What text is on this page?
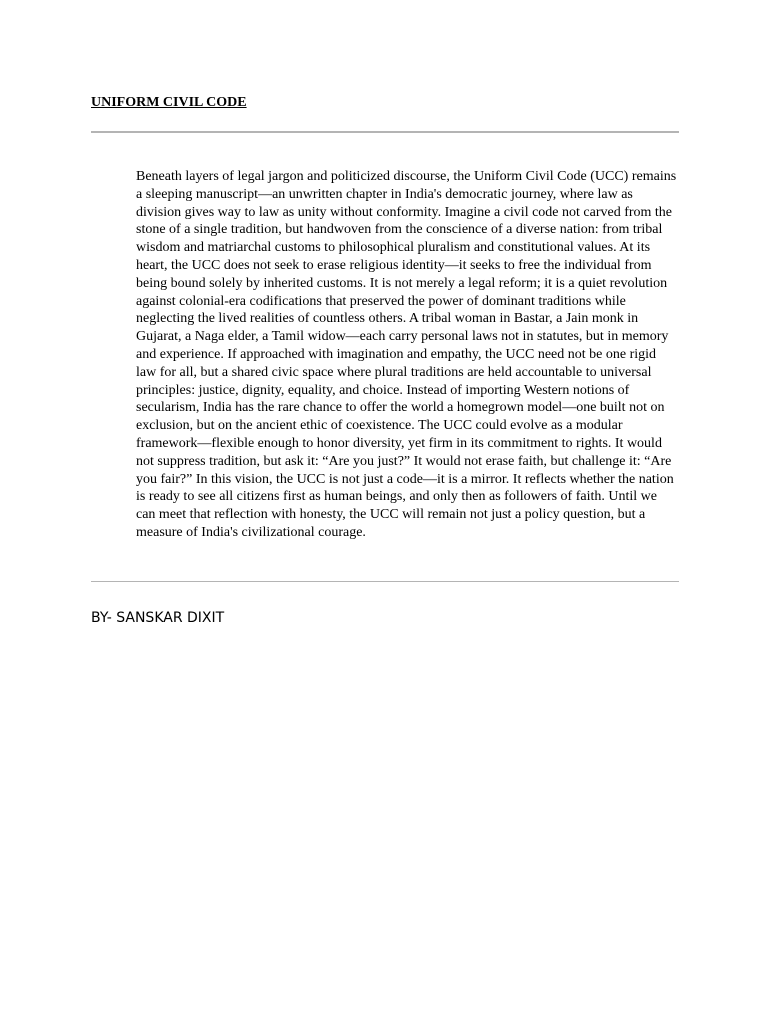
UNIFORM CIVIL CODE

Beneath layers of legal jargon and politicized discourse, the Uniform Civil Code (UCC) remains a sleeping manuscript—an unwritten chapter in India's democratic journey, where law as division gives way to law as unity without conformity. Imagine a civil code not carved from the stone of a single tradition, but handwoven from the conscience of a diverse nation: from tribal wisdom and matriarchal customs to philosophical pluralism and constitutional values. At its heart, the UCC does not seek to erase religious identity—it seeks to free the individual from being bound solely by inherited customs. It is not merely a legal reform; it is a quiet revolution against colonial-era codifications that preserved the power of dominant traditions while neglecting the lived realities of countless others. A tribal woman in Bastar, a Jain monk in Gujarat, a Naga elder, a Tamil widow—each carry personal laws not in statutes, but in memory and experience. If approached with imagination and empathy, the UCC need not be one rigid law for all, but a shared civic space where plural traditions are held accountable to universal principles: justice, dignity, equality, and choice. Instead of importing Western notions of secularism, India has the rare chance to offer the world a homegrown model—one built not on exclusion, but on the ancient ethic of coexistence. The UCC could evolve as a modular framework—flexible enough to honor diversity, yet firm in its commitment to rights. It would not suppress tradition, but ask it: “Are you just?” It would not erase faith, but challenge it: “Are you fair?” In this vision, the UCC is not just a code—it is a mirror. It reflects whether the nation is ready to see all citizens first as human beings, and only then as followers of faith. Until we can meet that reflection with honesty, the UCC will remain not just a policy question, but a measure of India's civilizational courage.

BY- SANSKAR DIXIT
